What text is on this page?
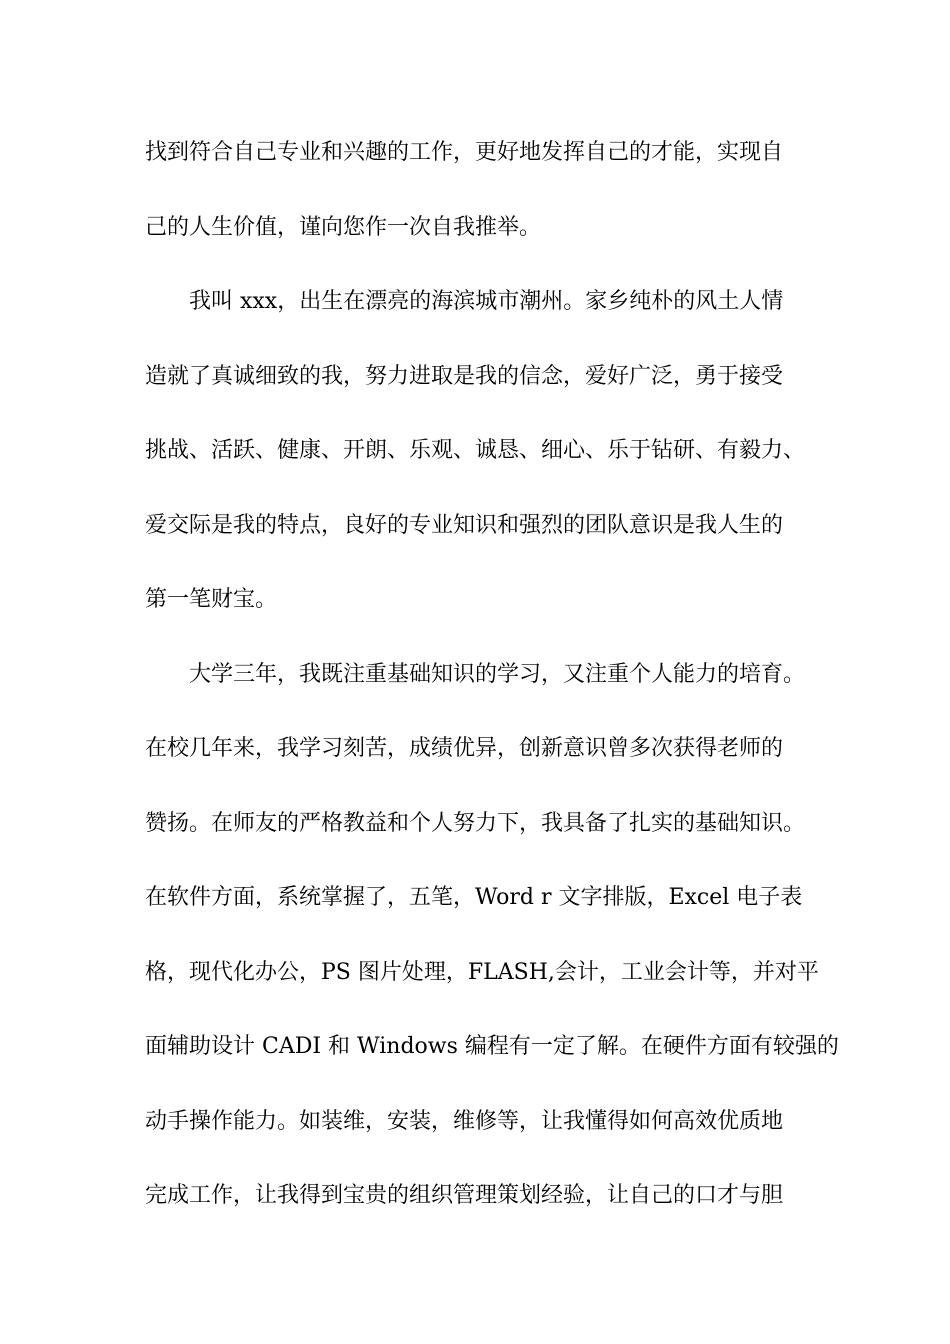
找到符合自己专业和兴趣的工作，更好地发挥自己的才能，实现自
己的人生价值，谨向您作一次自我推举。
　　我叫 xxx，出生在漂亮的海滨城市潮州。家乡纯朴的风土人情
造就了真诚细致的我，努力进取是我的信念，爱好广泛，勇于接受
挑战、活跃、健康、开朗、乐观、诚恳、细心、乐于钻研、有毅力、
爱交际是我的特点，良好的专业知识和强烈的团队意识是我人生的
第一笔财宝。
　　大学三年，我既注重基础知识的学习，又注重个人能力的培育。
在校几年来，我学习刻苦，成绩优异，创新意识曾多次获得老师的
赞扬。在师友的严格教益和个人努力下，我具备了扎实的基础知识。
在软件方面，系统掌握了，五笔，Word r 文字排版，Excel 电子表
格，现代化办公，PS 图片处理，FLASH,会计，工业会计等，并对平
面辅助设计 CADI 和 Windows 编程有一定了解。在硬件方面有较强的
动手操作能力。如装维，安装，维修等，让我懂得如何高效优质地
完成工作，让我得到宝贵的组织管理策划经验，让自己的口才与胆
